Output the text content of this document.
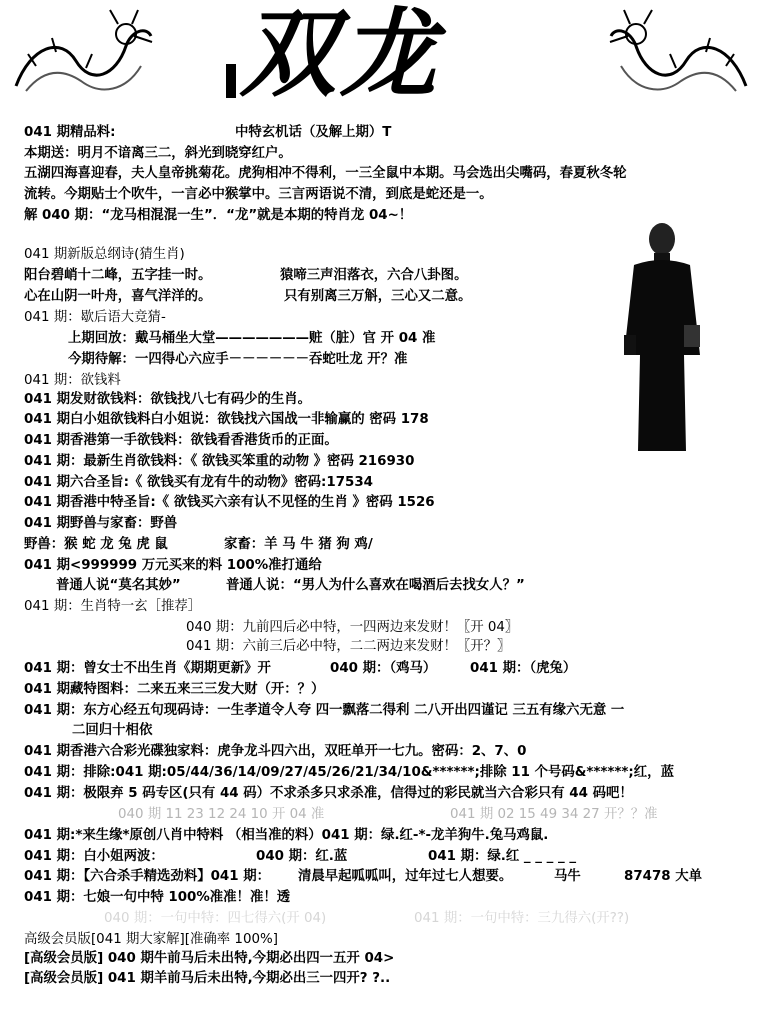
双龙
041 期精品料:	中特玄机话（及解上期）T
本期送：明月不谙离三二，斜光到晓穿红户。
五湖四海喜迎春，夫人皇帝挑菊花。虎狗相冲不得利，一三全鼠中本期。马会选出尖嘴码，春夏秋冬轮
流转。今期贴士个吹牛，一言必中猴掌中。三言两语说不清，到底是蛇还是一。
解 040 期：“龙马相混混一生”．“龙”就是本期的特肖龙 04~！
041 期新版总纲诗(猜生肖)
阳台碧峭十二峰，五字挂一时。	猿啼三声泪落衣，六合八卦图。
心在山阴一叶舟，喜气洋洋的。	只有别离三万斛，三心又二意。
041 期：歇后语大竞猜-
上期回放：戴马桶坐大堂———————赃（脏）官 开 04 准
今期待解：一四得心六应手－－－－－－吞蛇吐龙 开？准
041 期：欲钱料
041 期发财欲钱料：欲钱找八七有码少的生肖。
041 期白小姐欲钱料白小姐说：欲钱找六国战一非输赢的 密码 178
041 期香港第一手欲钱料：欲钱看香港货币的正面。
041 期：最新生肖欲钱料：《 欲钱买笨重的动物 》密码 216930
041 期六合圣旨:《 欲钱买有龙有牛的动物》密码:17534
041 期香港中特圣旨:《 欲钱买六亲有认不见怪的生肖 》密码 1526
041 期野兽与家畜：野兽
野兽：猴 蛇 龙 兔 虎 鼠	家畜：羊 马 牛 猪 狗 鸡/
041 期<999999 万元买来的料 100%准打通给
普通人说“莫名其妙”	普通人说：“男人为什么喜欢在喝酒后去找女人？”
041 期：生肖特一玄［推荐］
040 期：九前四后必中特，一四两边来发财！〖开 04〗
041 期：六前三后必中特，二二两边来发财！〖开？〗
041 期：曾女士不出生肖《期期更新》开	040 期：（鸡马）	041 期：（虎兔）
041 期藏特图料：二来五来三三发大财（开：？）
041 期：东方心经五句现码诗：一生孝道令人夸 四一飘落二得利 二八开出四谨记 三五有缘六无意 一
二回归十相依
041 期香港六合彩光碟独家料：虎争龙斗四六出，双旺单开一七九。密码：2、7、0
041 期：排除:041 期:05/44/36/14/09/27/45/26/21/34/10&******;排除 11 个号码&******;红，蓝
041 期：极限弃 5 码专区(只有 44 码）不求杀多只求杀准，信得过的彩民就当六合彩只有 44 码吧！
040 期 11 23 12 24 10 开 04 准	041 期 02 15 49 34 27 开？？准
041 期:*来生缘*原创八肖中特料 （相当准的料）041 期：绿.红-*-龙羊狗牛.兔马鸡鼠.
041 期：白小姐两波：	040 期：红.蓝	041 期：绿.红 _ _ _ _ _
041 期：【六合杀手精选劲料】041 期： 清晨早起呱呱叫，过年过七人想要。	马牛	87478 大单
041 期：七娘一句中特 100%准准！准！透
040 期：一句中特：四七得六(开 04)	041 期：一句中特：三九得六(开??)
高级会员版[041 期大家解][准确率 100%]
[高级会员版] 040 期牛前马后未出特,今期必出四一五开 04>
[高级会员版] 041 期羊前马后未出特,今期必出三一四开? ?..
